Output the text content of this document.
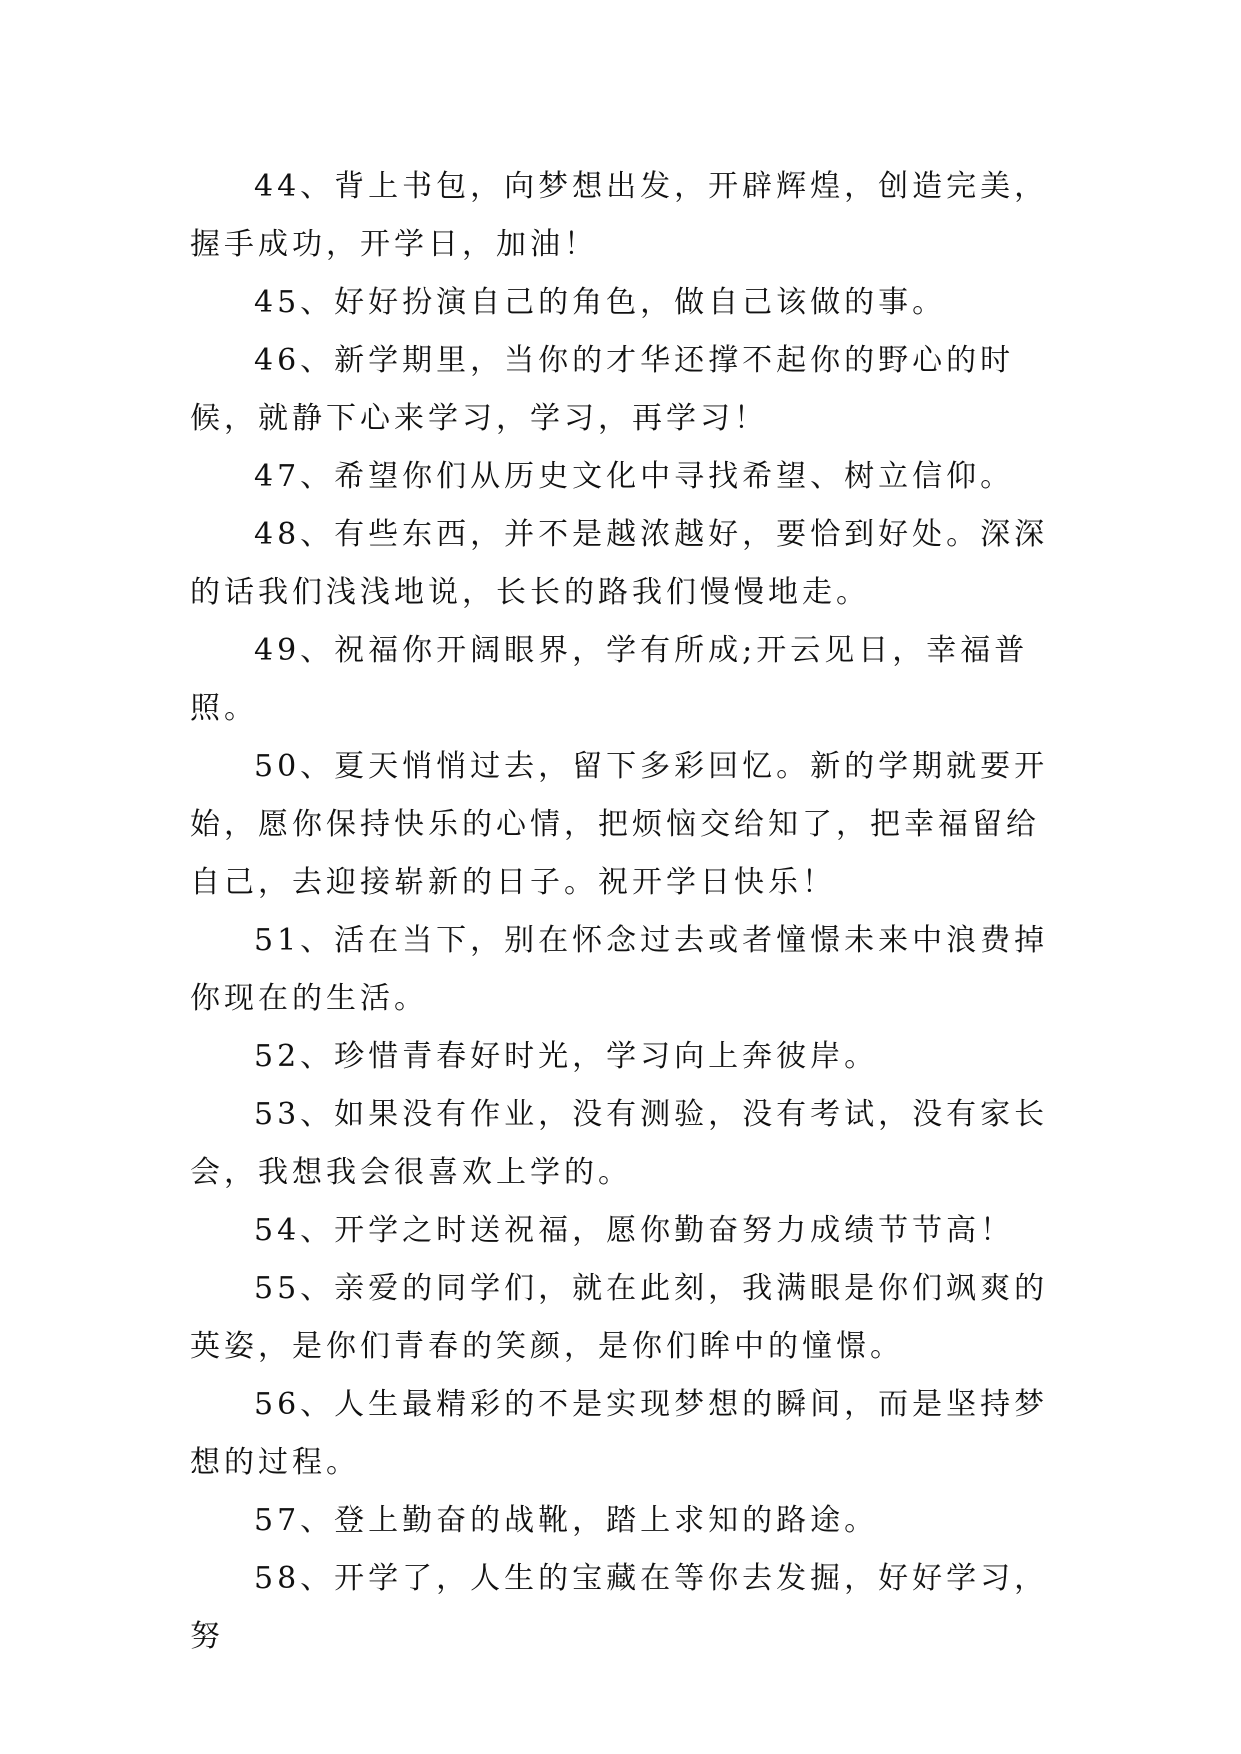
44、背上书包，向梦想出发，开辟辉煌，创造完美，握手成功，开学日，加油！

45、好好扮演自己的角色，做自己该做的事。

46、新学期里，当你的才华还撑不起你的野心的时候，就静下心来学习，学习，再学习！

47、希望你们从历史文化中寻找希望、树立信仰。

48、有些东西，并不是越浓越好，要恰到好处。深深的话我们浅浅地说，长长的路我们慢慢地走。

49、祝福你开阔眼界，学有所成;开云见日，幸福普照。

50、夏天悄悄过去，留下多彩回忆。新的学期就要开始，愿你保持快乐的心情，把烦恼交给知了，把幸福留给自己，去迎接崭新的日子。祝开学日快乐！

51、活在当下，别在怀念过去或者憧憬未来中浪费掉你现在的生活。

52、珍惜青春好时光，学习向上奔彼岸。

53、如果没有作业，没有测验，没有考试，没有家长会，我想我会很喜欢上学的。

54、开学之时送祝福，愿你勤奋努力成绩节节高！

55、亲爱的同学们，就在此刻，我满眼是你们飒爽的英姿，是你们青春的笑颜，是你们眸中的憧憬。

56、人生最精彩的不是实现梦想的瞬间，而是坚持梦想的过程。

57、登上勤奋的战靴，踏上求知的路途。

58、开学了，人生的宝藏在等你去发掘，好好学习，努
